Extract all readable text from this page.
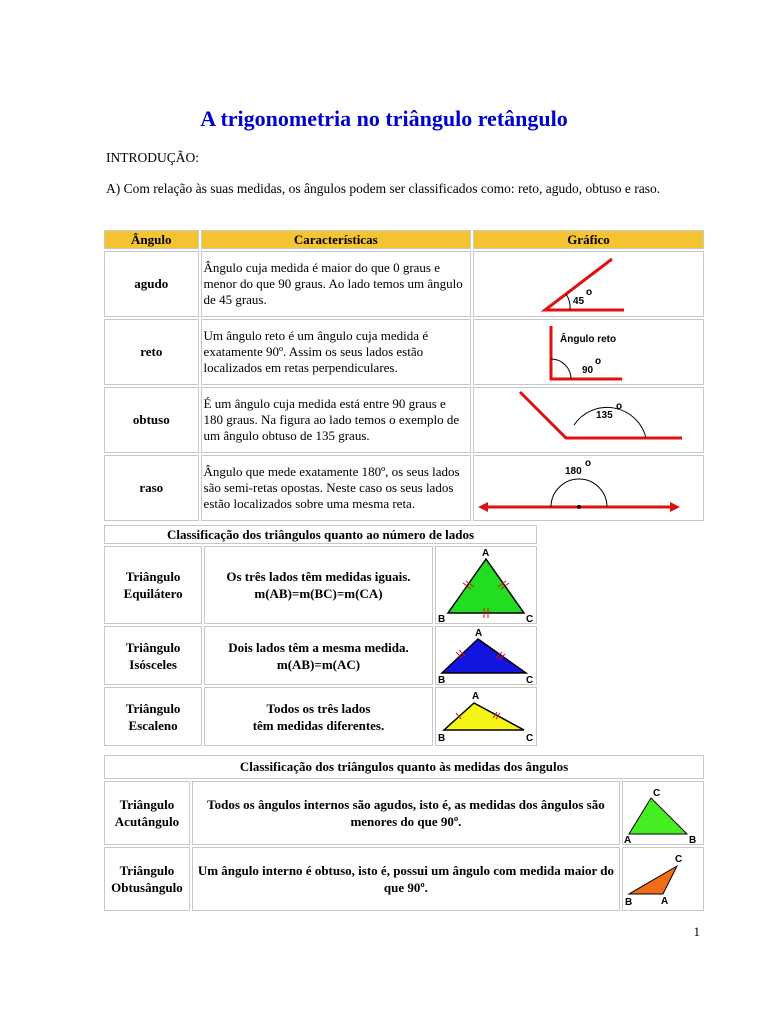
A trigonometria no triângulo retângulo

INTRODUÇÃO:

A) Com relação às suas medidas, os ângulos podem ser classificados como: reto, agudo, obtuso e raso.

Ângulo	Características	Gráfico
agudo	Ângulo cuja medida é maior do que 0 graus e menor do que 90 graus. Ao lado temos um ângulo de 45 graus.	45
o

reto	Um ângulo reto é um ângulo cuja medida é exatamente 90º. Assim os seus lados estão localizados em retas perpendiculares.	Ângulo reto
90
o

obtuso	É um ângulo cuja medida está entre 90 graus e 180 graus. Na figura ao lado temos o exemplo de um ângulo obtuso de 135 graus.	135
o

raso	Ângulo que mede exatamente 180º, os seus lados são semi-retas opostas. Neste caso os seus lados estão localizados sobre uma mesma reta.	180
o
Classificação dos triângulos quanto ao número de lados		
Triângulo
Equilátero	Os três lados têm medidas iguais.
m(AB)=m(BC)=m(CA)	A
B C

Triângulo
Isósceles	Dois lados têm a mesma medida.
m(AB)=m(AC)	A
B C

Triângulo
Escaleno	Todos os três lados
têm medidas diferentes.	A
B C
Classificação dos triângulos quanto às medidas dos ângulos		
Triângulo
Acutângulo	Todos os ângulos internos são agudos, isto é, as medidas dos ângulos são menores do que 90º.	C
A B

Triângulo
Obtusângulo	Um ângulo interno é obtuso, isto é, possui um ângulo com medida maior do que 90º.	C
B A
1
